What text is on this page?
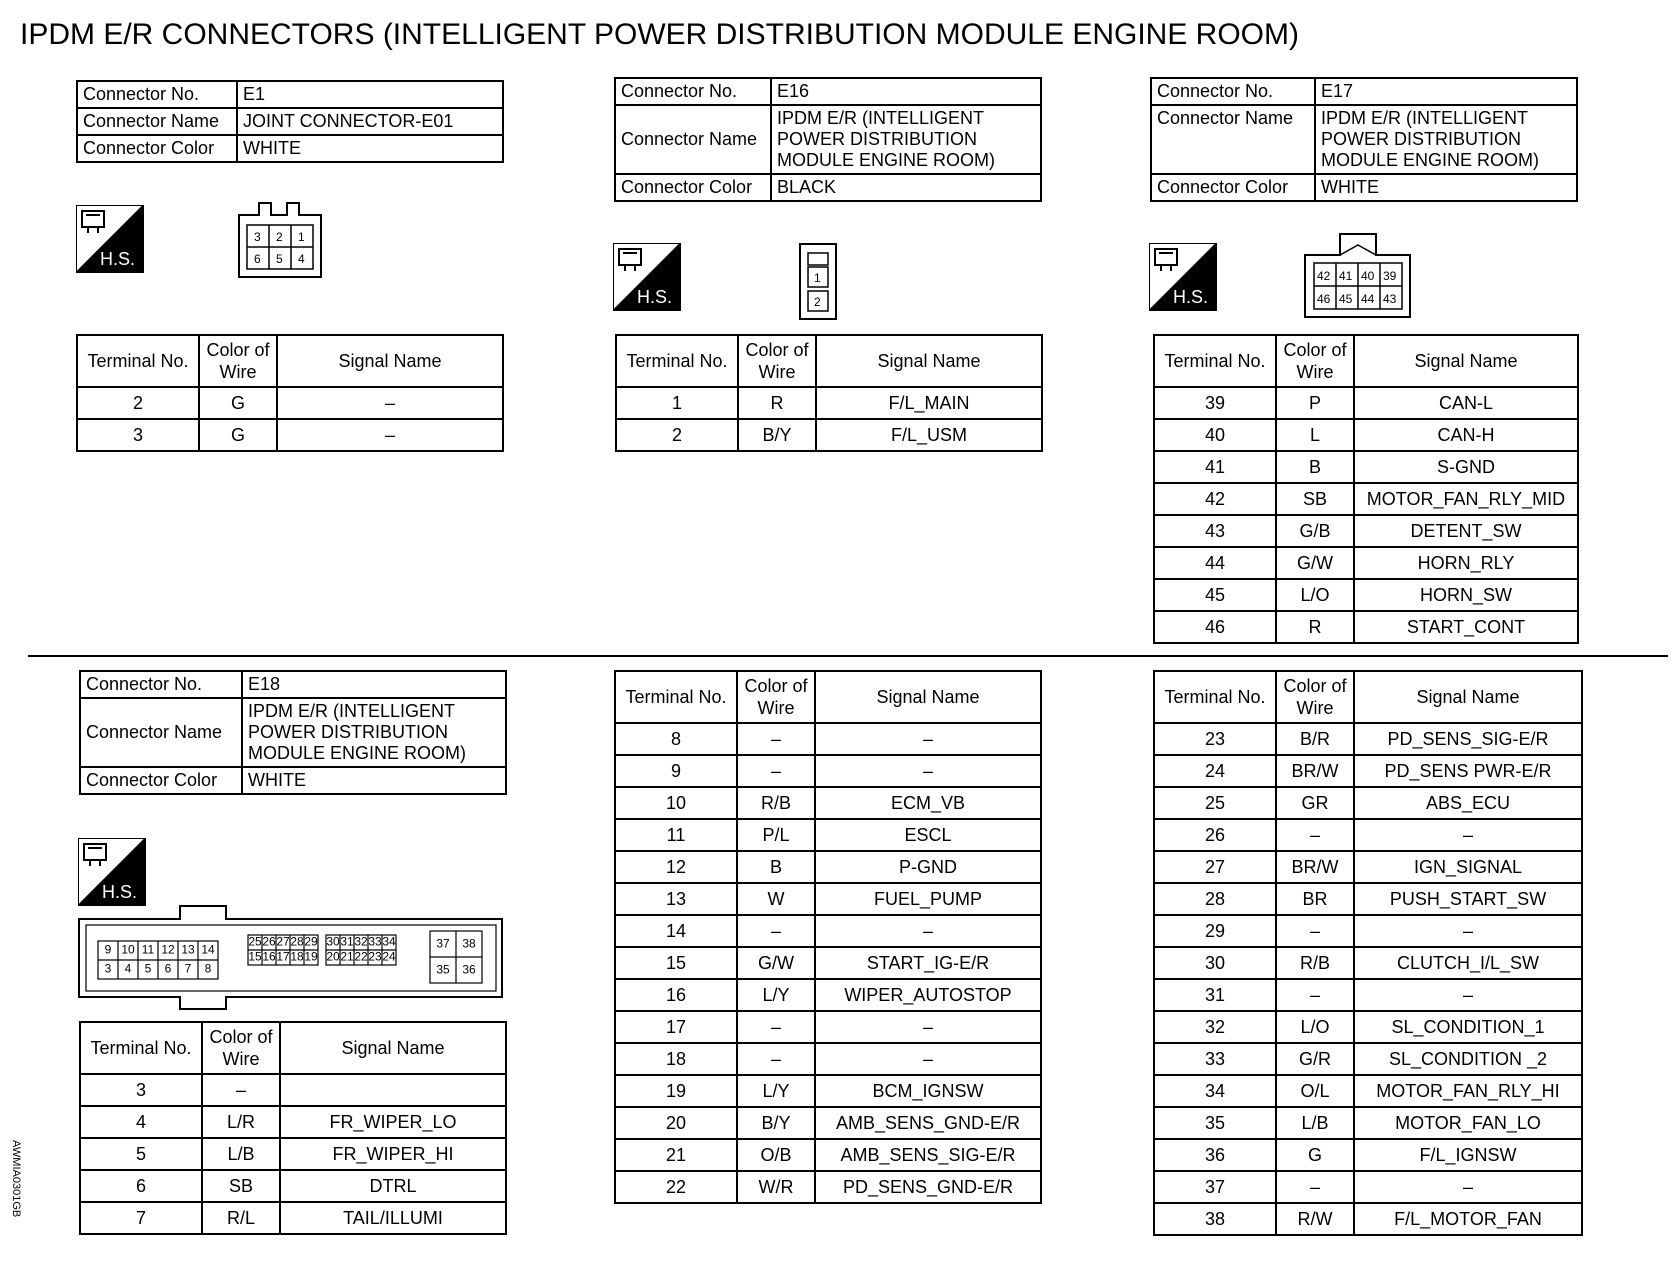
IPDM E/R CONNECTORS (INTELLIGENT POWER DISTRIBUTION MODULE ENGINE ROOM)
Connector No.	E1
Connector Name	JOINT CONNECTOR-E01
Connector Color	WHITE
H.S.
3 2 1
6 5 4
Terminal No.	Color of Wire	Signal Name
2	G	–
3	G	–
Connector No.	E16
Connector Name	IPDM E/R (INTELLIGENT POWER DISTRIBUTION MODULE ENGINE ROOM)
Connector Color	BLACK
H.S.
1
2
Terminal No.	Color of Wire	Signal Name
1	R	F/L_MAIN
2	B/Y	F/L_USM
Connector No.	E17
Connector Name	IPDM E/R (INTELLIGENT POWER DISTRIBUTION MODULE ENGINE ROOM)
Connector Color	WHITE
H.S.
42 41 40 39
46 45 44 43
Terminal No.	Color of Wire	Signal Name
39	P	CAN-L
40	L	CAN-H
41	B	S-GND
42	SB	MOTOR_FAN_RLY_MID
43	G/B	DETENT_SW
44	G/W	HORN_RLY
45	L/O	HORN_SW
46	R	START_CONT
Connector No.	E18
Connector Name	IPDM E/R (INTELLIGENT POWER DISTRIBUTION MODULE ENGINE ROOM)
Connector Color	WHITE
H.S.
9 10 11 12 13 14
3 4 5 6 7 8
25 26 27 28 29
15 16 17 18 19
30 31 32 33 34
20 21 22 23 24
37 38
35 36
Terminal No.	Color of Wire	Signal Name
3	–	
4	L/R	FR_WIPER_LO
5	L/B	FR_WIPER_HI
6	SB	DTRL
7	R/L	TAIL/ILLUMI
Terminal No.	Color of Wire	Signal Name
8	–	–
9	–	–
10	R/B	ECM_VB
11	P/L	ESCL
12	B	P-GND
13	W	FUEL_PUMP
14	–	–
15	G/W	START_IG-E/R
16	L/Y	WIPER_AUTOSTOP
17	–	–
18	–	–
19	L/Y	BCM_IGNSW
20	B/Y	AMB_SENS_GND-E/R
21	O/B	AMB_SENS_SIG-E/R
22	W/R	PD_SENS_GND-E/R
Terminal No.	Color of Wire	Signal Name
23	B/R	PD_SENS_SIG-E/R
24	BR/W	PD_SENS PWR-E/R
25	GR	ABS_ECU
26	–	–
27	BR/W	IGN_SIGNAL
28	BR	PUSH_START_SW
29	–	–
30	R/B	CLUTCH_I/L_SW
31	–	–
32	L/O	SL_CONDITION_1
33	G/R	SL_CONDITION _2
34	O/L	MOTOR_FAN_RLY_HI
35	L/B	MOTOR_FAN_LO
36	G	F/L_IGNSW
37	–	–
38	R/W	F/L_MOTOR_FAN
AWMIA0301GB
